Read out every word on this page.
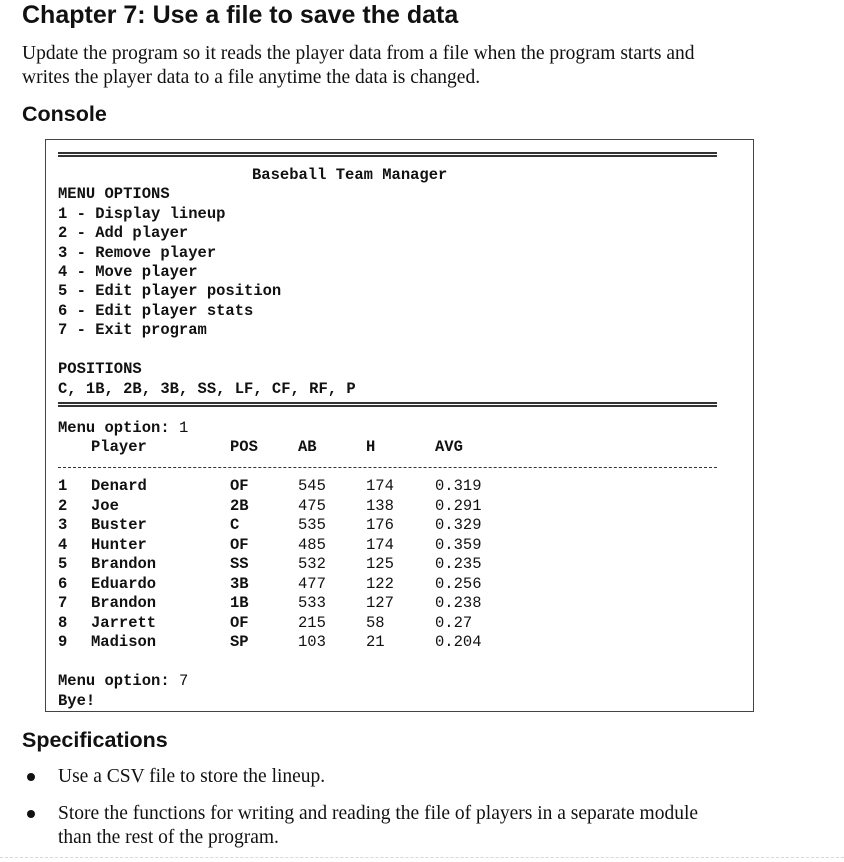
Chapter 7: Use a file to save the data
Update the program so it reads the player data from a file when the program starts and
writes the player data to a file anytime the data is changed.
Console
Baseball Team Manager
MENU OPTIONS
1 - Display lineup
2 - Add player
3 - Remove player
4 - Move player
5 - Edit player position
6 - Edit player stats
7 - Exit program
POSITIONS
C, 1B, 2B, 3B, SS, LF, CF, RF, P
Menu option: 1
Player	POS	AB	H	AVG
1 Denard	OF	545	174	0.319
2 Joe	2B	475	138	0.291
3 Buster	C	535	176	0.329
4 Hunter	OF	485	174	0.359
5 Brandon	SS	532	125	0.235
6 Eduardo	3B	477	122	0.256
7 Brandon	1B	533	127	0.238
8 Jarrett	OF	215	58	0.27
9 Madison	SP	103	21	0.204
Menu option: 7
Bye!
Specifications
Use a CSV file to store the lineup.
Store the functions for writing and reading the file of players in a separate module
than the rest of the program.
